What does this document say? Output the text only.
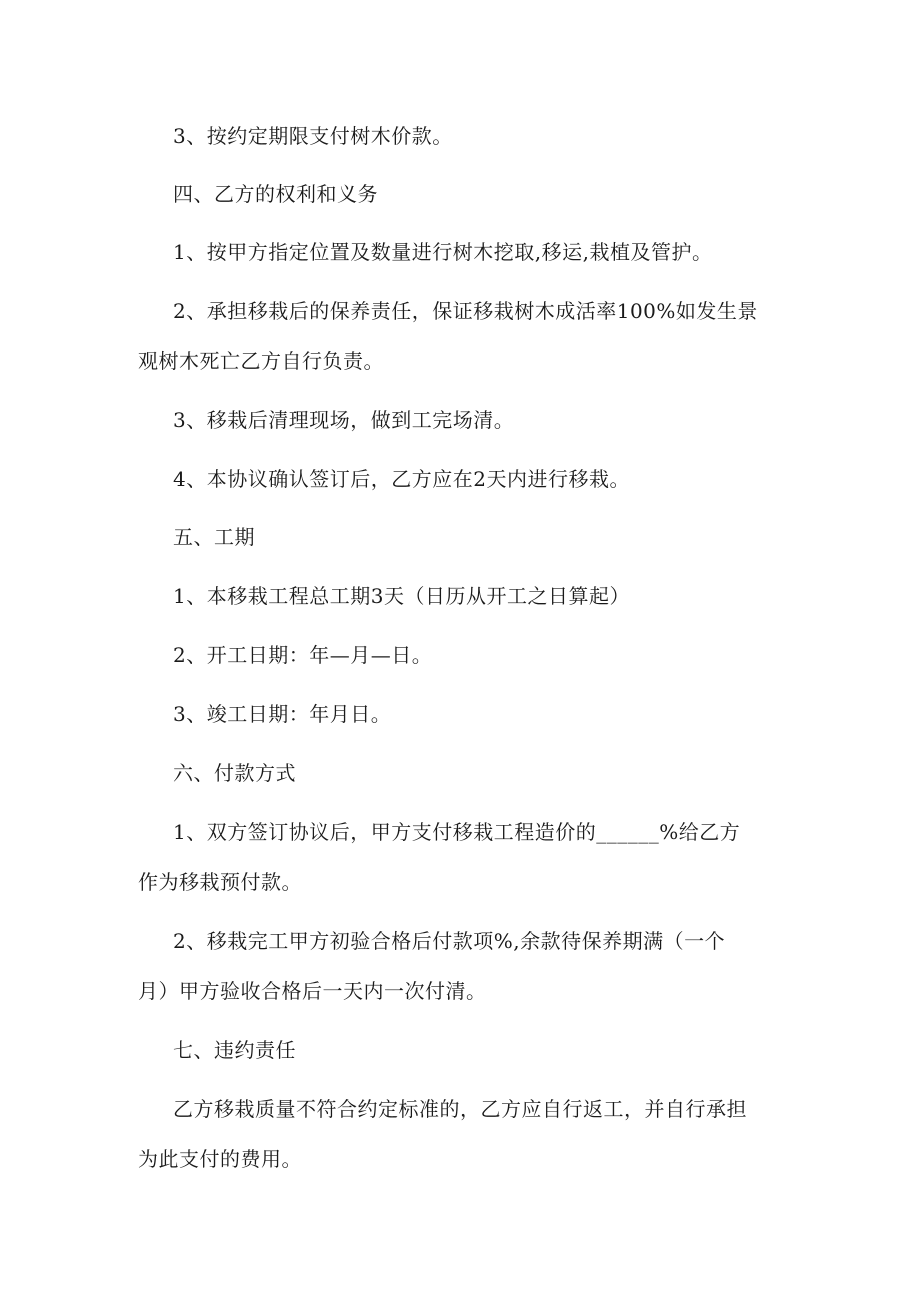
3、按约定期限支付树木价款。
四、乙方的权利和义务
1、按甲方指定位置及数量进行树木挖取,移运,栽植及管护。
2、承担移栽后的保养责任，保证移栽树木成活率100%如发生景
观树木死亡乙方自行负责。
3、移栽后清理现场，做到工完场清。
4、本协议确认签订后，乙方应在2天内进行移栽。
五、工期
1、本移栽工程总工期3天（日历从开工之日算起）
2、开工日期：年—月—日。
3、竣工日期：年月日。
六、付款方式
1、双方签订协议后，甲方支付移栽工程造价的______%给乙方
作为移栽预付款。
2、移栽完工甲方初验合格后付款项%,余款待保养期满（一个
月）甲方验收合格后一天内一次付清。
七、违约责任
乙方移栽质量不符合约定标准的，乙方应自行返工，并自行承担
为此支付的费用。
